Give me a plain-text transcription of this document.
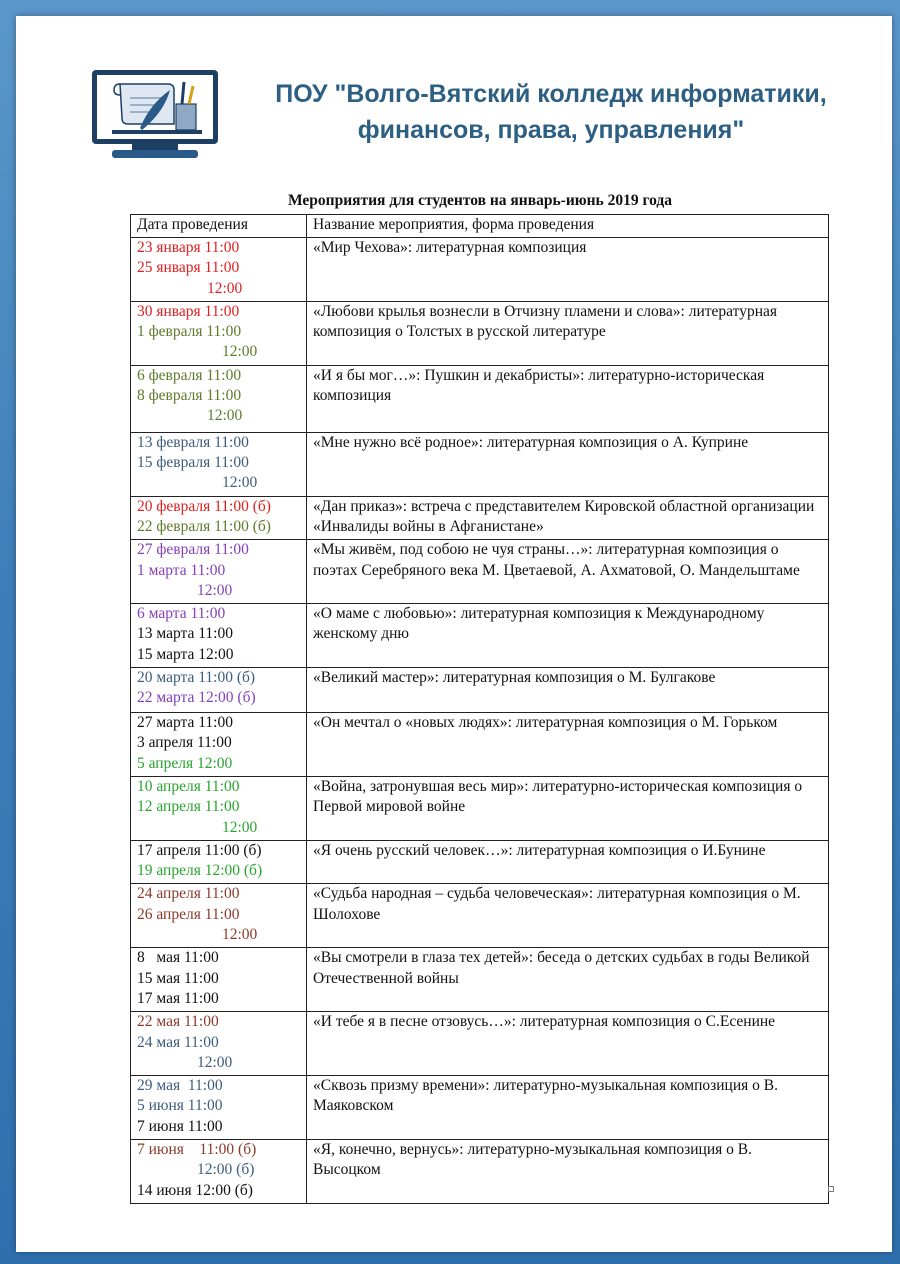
ПОУ "Волго-Вятский колледж информатики,
финансов, права, управления"
Мероприятия для студентов на январь-июнь 2019 года
Дата проведения	Название мероприятия, форма проведения

23 января 11:00
25 января 11:00
12:00	«Мир Чехова»: литературная композиция

30 января 11:00
1 февраля 11:00
12:00	«Любови крылья вознесли в Отчизну пламени и слова»: литературная композиция о Толстых в русской литературе

6 февраля 11:00
8 февраля 11:00
12:00	«И я бы мог…»: Пушкин и декабристы»: литературно-историческая композиция

13 февраля 11:00
15 февраля 11:00
12:00	«Мне нужно всё родное»: литературная композиция о А. Куприне

20 февраля 11:00 (б)
22 февраля 11:00 (б)	«Дан приказ»: встреча с представителем Кировской областной организации «Инвалиды войны в Афганистане»

27 февраля 11:00
1 марта 11:00
12:00	«Мы живём, под собою не чуя страны…»: литературная композиция о поэтах Серебряного века М. Цветаевой, А. Ахматовой, О. Мандельштаме

6 марта 11:00
13 марта 11:00
15 марта 12:00	«О маме с любовью»: литературная композиция к Международному женскому дню

20 марта 11:00 (б)
22 марта 12:00 (б)	«Великий мастер»: литературная композиция о М. Булгакове

27 марта 11:00
3 апреля 11:00
5 апреля 12:00	«Он мечтал о «новых людях»: литературная композиция о М. Горьком

10 апреля 11:00
12 апреля 11:00
12:00	«Война, затронувшая весь мир»: литературно-историческая композиция о Первой мировой войне

17 апреля 11:00 (б)
19 апреля 12:00 (б)	«Я очень русский человек…»: литературная композиция о И.Бунине

24 апреля 11:00
26 апреля 11:00
12:00	«Судьба народная – судьба человеческая»: литературная композиция о М. Шолохове

8   мая 11:00
15 мая 11:00
17 мая 11:00	«Вы смотрели в глаза тех детей»: беседа о детских судьбах в годы Великой Отечественной войны

22 мая 11:00
24 мая 11:00
12:00	«И тебе я в песне отзовусь…»: литературная композиция о С.Есенине

29 мая  11:00
5 июня 11:00
7 июня 11:00	«Сквозь призму времени»: литературно-музыкальная композиция о В. Маяковском

7 июня    11:00 (б)
12:00 (б)
14 июня 12:00 (б)	«Я, конечно, вернусь»: литературно-музыкальная композиция о В. Высоцком
